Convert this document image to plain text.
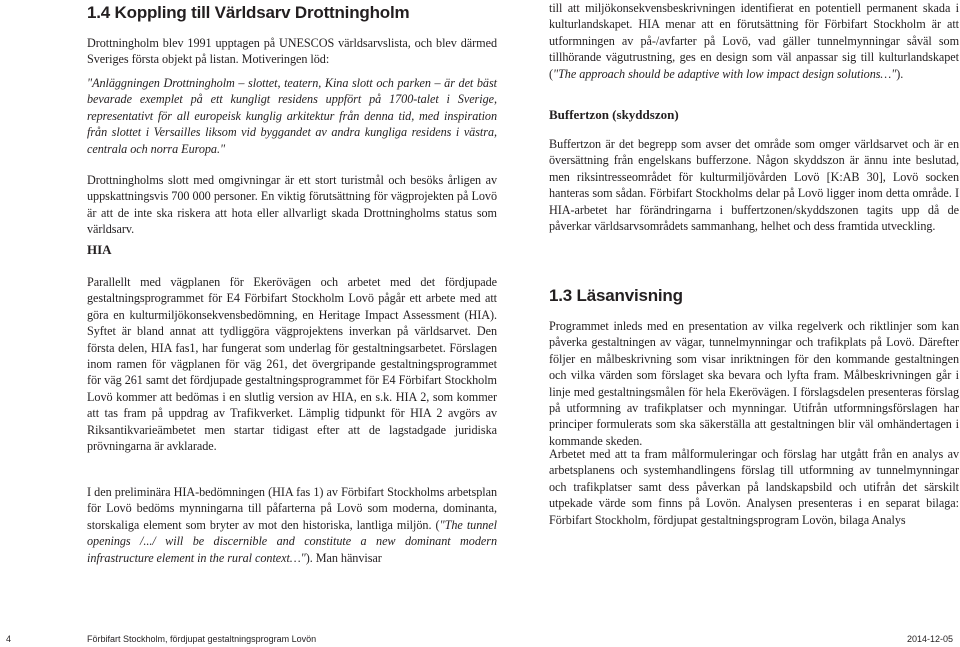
1.4 Koppling till Världsarv Drottningholm

Drottningholm blev 1991 upptagen på UNESCOS världsarvslista, och blev därmed Sveriges första objekt på listan. Motiveringen löd:

"Anläggningen Drottningholm – slottet, teatern, Kina slott och parken – är det bäst bevarade exemplet på ett kungligt residens uppfört på 1700-talet i Sverige, representativt för all europeisk kunglig arkitektur från denna tid, med inspiration från slottet i Versailles liksom vid byggandet av andra kungliga residens i västra, centrala och norra Europa."

Drottningholms slott med omgivningar är ett stort turistmål och besöks årligen av uppskattningsvis 700 000 personer. En viktig förutsättning för vägprojekten på Lovö är att de inte ska riskera att hota eller allvarligt skada Drottningholms status som världsarv.

HIA

Parallellt med vägplanen för Ekerövägen och arbetet med det fördjupade gestaltningsprogrammet för E4 Förbifart Stockholm Lovö pågår ett arbete med att göra en kulturmiljökonsekvensbedömning, en Heritage Impact Assessment (HIA). Syftet är bland annat att tydliggöra vägprojektens inverkan på världsarvet. Den första delen, HIA fas1, har fungerat som underlag för gestaltningsarbetet. Förslagen inom ramen för vägplanen för väg 261, det övergripande gestaltningsprogrammet för väg 261 samt det fördjupade gestaltningsprogrammet för E4 Förbifart Stockholm Lovö kommer att bedömas i en slutlig version av HIA, en s.k. HIA 2, som kommer att tas fram på uppdrag av Trafikverket. Lämplig tidpunkt för HIA 2 avgörs av Riksantikvarieämbetet men startar tidigast efter att de lagstadgade juridiska prövningarna är avklarade.

I den preliminära HIA-bedömningen (HIA fas 1) av Förbifart Stockholms arbetsplan för Lovö bedöms mynningarna till påfarterna på Lovö som moderna, dominanta, storskaliga element som bryter av mot den historiska, lantliga miljön. ("The tunnel openings /.../ will be discernible and constitute a new dominant modern infrastructure element in the rural context…"). Man hänvisar

till att miljökonsekvensbeskrivningen identifierat en potentiell permanent skada i kulturlandskapet. HIA menar att en förutsättning för Förbifart Stockholm är att utformningen av på-/avfarter på Lovö, vad gäller tunnelmynningar såväl som tillhörande vägutrustning, ges en design som väl anpassar sig till kulturlandskapet ("The approach should be adaptive with low impact design solutions…").

Buffertzon (skyddszon)

Buffertzon är det begrepp som avser det område som omger världsarvet och är en översättning från engelskans bufferzone. Någon skyddszon är ännu inte beslutad, men riksintresseområdet för kulturmiljövården Lovö [K:AB 30], Lovö socken hanteras som sådan. Förbifart Stockholms delar på Lovö ligger inom detta område. I HIA-arbetet har förändringarna i buffertzonen/skyddszonen tagits upp då de påverkar världsarvsområdets sammanhang, helhet och dess framtida utveckling.

1.3 Läsanvisning

Programmet inleds med en presentation av vilka regelverk och riktlinjer som kan påverka gestaltningen av vägar, tunnelmynningar och trafikplats på Lovö. Därefter följer en målbeskrivning som visar inriktningen för den kommande gestaltningen och vilka värden som förslaget ska bevara och lyfta fram. Målbeskrivningen går i linje med gestaltningsmålen för hela Ekerövägen. I förslagsdelen presenteras förslag på utformning av trafikplatser och mynningar. Utifrån utformningsförslagen har principer formulerats som ska säkerställa att gestaltningen blir väl omhändertagen i kommande skeden.

Arbetet med att ta fram målformuleringar och förslag har utgått från en analys av arbetsplanens och systemhandlingens förslag till utformning av tunnelmynningar och trafikplatser samt dess påverkan på landskapsbild och utifrån det särskilt utpekade värde som finns på Lovön. Analysen presenteras i en separat bilaga: Förbifart Stockholm, fördjupat gestaltningsprogram Lovön, bilaga Analys

4	Förbifart Stockholm, fördjupat gestaltningsprogram Lovön	2014-12-05
